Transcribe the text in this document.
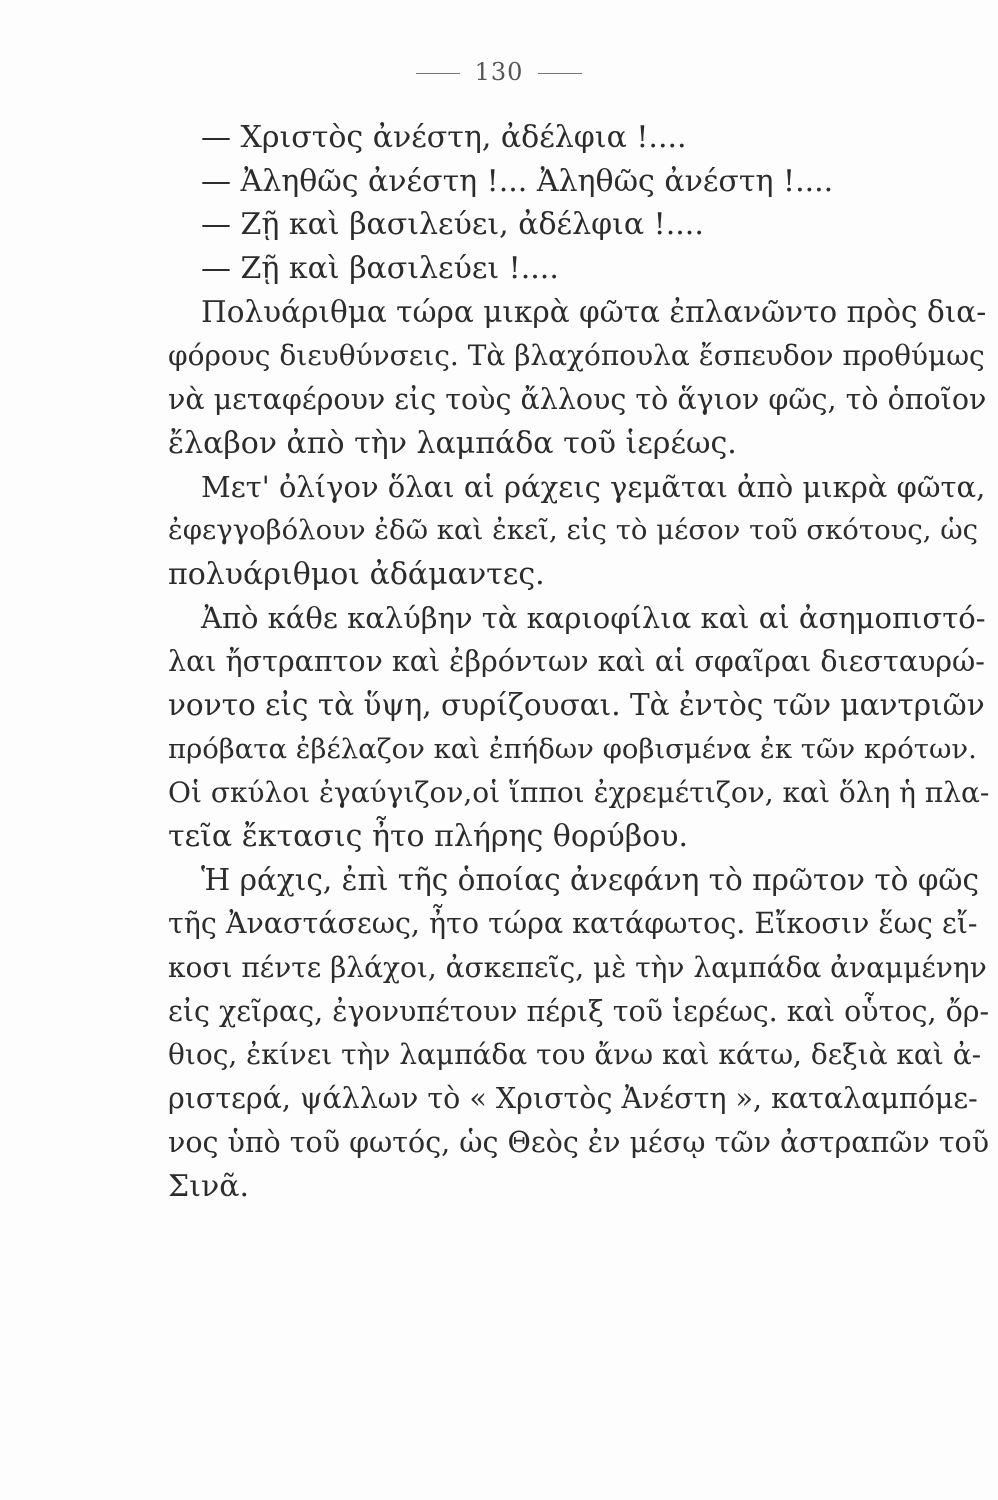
130
— Χριστὸς ἀνέστη, ἀδέλφια !....
— Ἀληθῶς ἀνέστη !... Ἀληθῶς ἀνέστη !....
— Ζῇ καὶ βασιλεύει, ἀδέλφια !....
— Ζῇ καὶ βασιλεύει !....
Πολυάριθμα τώρα μικρὰ φῶτα ἐπλανῶντο πρὸς δια-
φόρους διευθύνσεις. Τὰ βλαχόπουλα ἔσπευδον προθύμως
νὰ μεταφέρουν εἰς τοὺς ἄλλους τὸ ἅγιον φῶς, τὸ ὁποῖον
ἔλαβον ἀπὸ τὴν λαμπάδα τοῦ ἱερέως.
Μετ' ὀλίγον ὅλαι αἱ ράχεις γεμᾶται ἀπὸ μικρὰ φῶτα,
ἐφεγγοβόλουν ἐδῶ καὶ ἐκεῖ, εἰς τὸ μέσον τοῦ σκότους, ὡς
πολυάριθμοι ἀδάμαντες.
Ἀπὸ κάθε καλύβην τὰ καριοφίλια καὶ αἱ ἀσημοπιστό-
λαι ἤστραπτον καὶ ἐβρόντων καὶ αἱ σφαῖραι διεσταυρώ-
νοντο εἰς τὰ ὕψη, συρίζουσαι. Τὰ ἐντὸς τῶν μαντριῶν
πρόβατα ἐβέλαζον καὶ ἐπήδων φοβισμένα ἐκ τῶν κρότων.
Οἱ σκύλοι ἐγαύγιζον,οἱ ἵπποι ἐχρεμέτιζον, καὶ ὅλη ἡ πλα-
τεῖα ἔκτασις ἦτο πλήρης θορύβου.
Ἡ ράχις, ἐπὶ τῆς ὁποίας ἀνεφάνη τὸ πρῶτον τὸ φῶς
τῆς Ἀναστάσεως, ἦτο τώρα κατάφωτος. Εἴκοσιν ἕως εἴ-
κοσι πέντε βλάχοι, ἀσκεπεῖς, μὲ τὴν λαμπάδα ἀναμμένην
εἰς χεῖρας, ἐγονυπέτουν πέριξ τοῦ ἱερέως. καὶ οὗτος, ὄρ-
θιος, ἐκίνει τὴν λαμπάδα του ἄνω καὶ κάτω, δεξιὰ καὶ ἀ-
ριστερά, ψάλλων τὸ « Χριστὸς Ἀνέστη », καταλαμπόμε-
νος ὑπὸ τοῦ φωτός, ὡς Θεὸς ἐν μέσῳ τῶν ἀστραπῶν τοῦ
Σινᾶ.
